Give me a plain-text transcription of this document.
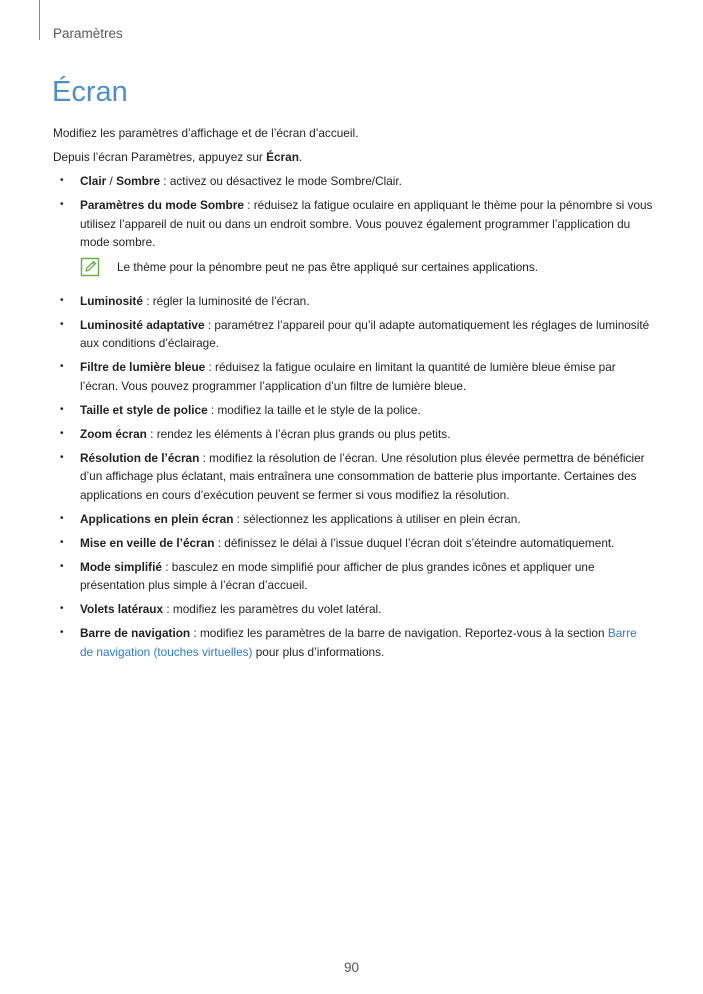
Paramètres
Écran

Modifiez les paramètres d’affichage et de l’écran d’accueil.

Depuis l’écran Paramètres, appuyez sur Écran.

• Clair / Sombre : activez ou désactivez le mode Sombre/Clair.
• Paramètres du mode Sombre : réduisez la fatigue oculaire en appliquant le thème pour la pénombre si vous utilisez l’appareil de nuit ou dans un endroit sombre. Vous pouvez également programmer l’application du mode sombre.
Le thème pour la pénombre peut ne pas être appliqué sur certaines applications.
• Luminosité : régler la luminosité de l’écran.
• Luminosité adaptative : paramétrez l’appareil pour qu’il adapte automatiquement les réglages de luminosité aux conditions d’éclairage.
• Filtre de lumière bleue : réduisez la fatigue oculaire en limitant la quantité de lumière bleue émise par l’écran. Vous pouvez programmer l’application d’un filtre de lumière bleue.
• Taille et style de police : modifiez la taille et le style de la police.
• Zoom écran : rendez les éléments à l’écran plus grands ou plus petits.
• Résolution de l’écran : modifiez la résolution de l’écran. Une résolution plus élevée permettra de bénéficier d’un affichage plus éclatant, mais entraînera une consommation de batterie plus importante. Certaines des applications en cours d’exécution peuvent se fermer si vous modifiez la résolution.
• Applications en plein écran : sélectionnez les applications à utiliser en plein écran.
• Mise en veille de l’écran : définissez le délai à l’issue duquel l’écran doit s’éteindre automatiquement.
• Mode simplifié : basculez en mode simplifié pour afficher de plus grandes icônes et appliquer une présentation plus simple à l’écran d’accueil.
• Volets latéraux : modifiez les paramètres du volet latéral.
• Barre de navigation : modifiez les paramètres de la barre de navigation. Reportez-vous à la section Barre de navigation (touches virtuelles) pour plus d’informations.
90
